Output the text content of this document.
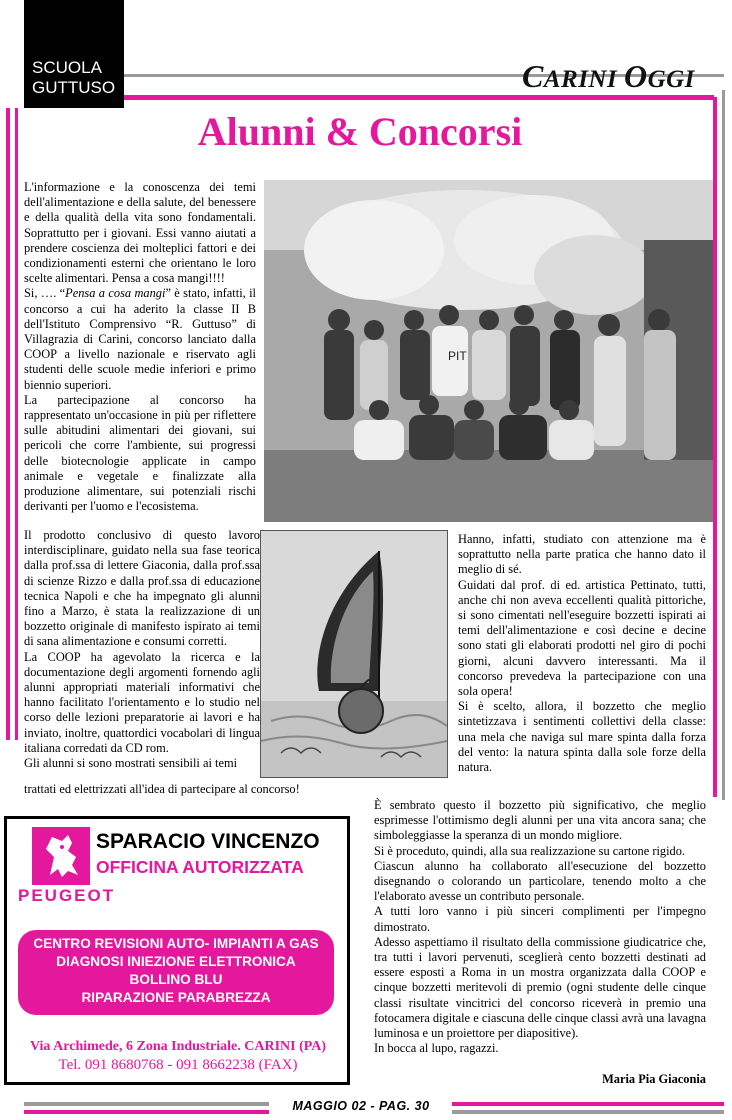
SCUOLA
GUTTUSO	CARINI OGGI
Alunni & Concorsi

L'informazione e la conoscenza dei temi dell'alimentazione e della salute, del benessere e della qualità della vita sono fondamentali. Soprattutto per i giovani. Essi vanno aiutati a prendere coscienza dei molteplici fattori e dei condizionamenti esterni che orientano le loro scelte alimentari. Pensa a cosa mangi!!!!

Si, …. “Pensa a cosa mangi” è stato, infatti, il concorso a cui ha aderito la classe II B dell'Istituto Comprensivo “R. Guttuso” di Villagrazia di Carini, concorso lanciato dalla COOP a livello nazionale e riservato agli studenti delle scuole medie inferiori e primo biennio superiori.

La partecipazione al concorso ha rappresentato un'occasione in più per riflettere sulle abitudini alimentari dei giovani, sui pericoli che corre l'ambiente, sui progressi delle biotecnologie applicate in campo animale e vegetale e finalizzate alla produzione alimentare, sui potenziali rischi derivanti per l'uomo e l'ecosistema.

Il prodotto conclusivo di questo lavoro interdisciplinare, guidato nella sua fase teorica dalla prof.ssa di lettere Giaconia, dalla prof.ssa di scienze Rizzo e dalla prof.ssa di educazione tecnica Napoli e che ha impegnato gli alunni fino a Marzo, è stata la realizzazione di un bozzetto originale di manifesto ispirato ai temi di sana alimentazione e consumi corretti.

La COOP ha agevolato la ricerca e la documentazione degli argomenti fornendo agli alunni appropriati materiali informativi che hanno facilitato l'orientamento e lo studio nel corso delle lezioni preparatorie ai lavori e ha inviato, inoltre, quattordici vocabolari di lingua italiana corredati da CD rom.

Gli alunni si sono mostrati sensibili ai temi

trattati ed elettrizzati all'idea di partecipare al concorso!
PIT

Hanno, infatti, studiato con attenzione ma è soprattutto nella parte pratica che hanno dato il meglio di sé.

Guidati dal prof. di ed. artistica Pettinato, tutti, anche chi non aveva eccellenti qualità pittoriche, si sono cimentati nell'eseguire bozzetti ispirati ai temi dell'alimentazione e così decine e decine sono stati gli elaborati prodotti nel giro di pochi giorni, alcuni davvero interessanti. Ma il concorso prevedeva la partecipazione con una sola opera!

Si è scelto, allora, il bozzetto che meglio sintetizzava i sentimenti collettivi della classe: una mela che naviga sul mare spinta dalla forza del vento: la natura spinta dalla sole forze della natura.

È sembrato questo il bozzetto più significativo, che meglio esprimesse l'ottimismo degli alunni per una vita ancora sana; che simboleggiasse la speranza di un mondo migliore.

Si è proceduto, quindi, alla sua realizzazione su cartone rigido.

Ciascun alunno ha collaborato all'esecuzione del bozzetto disegnando o colorando un particolare, tenendo molto a che l'elaborato avesse un contributo personale.

A tutti loro vanno i più sinceri complimenti per l'impegno dimostrato.

Adesso aspettiamo il risultato della commissione giudicatrice che, tra tutti i lavori pervenuti, sceglierà cento bozzetti destinati ad essere esposti a Roma in un mostra organizzata dalla COOP e cinque bozzetti meritevoli di premio (ogni studente delle cinque classi risultate vincitrici del concorso riceverà in premio una fotocamera digitale e ciascuna delle cinque classi avrà una lavagna luminosa e un proiettore per diapositive).

In bocca al lupo, ragazzi.

Maria Pia Giaconia
SPARACIO VINCENZO
OFFICINA AUTORIZZATA
PEUGEOT
CENTRO REVISIONI AUTO- IMPIANTI A GAS
DIAGNOSI INIEZIONE ELETTRONICA
BOLLINO BLU
RIPARAZIONE PARABREZZA
Via Archimede, 6 Zona Industriale. CARINI (PA)
Tel. 091 8680768 - 091 8662238 (FAX)
MAGGIO 02 - PAG. 30
